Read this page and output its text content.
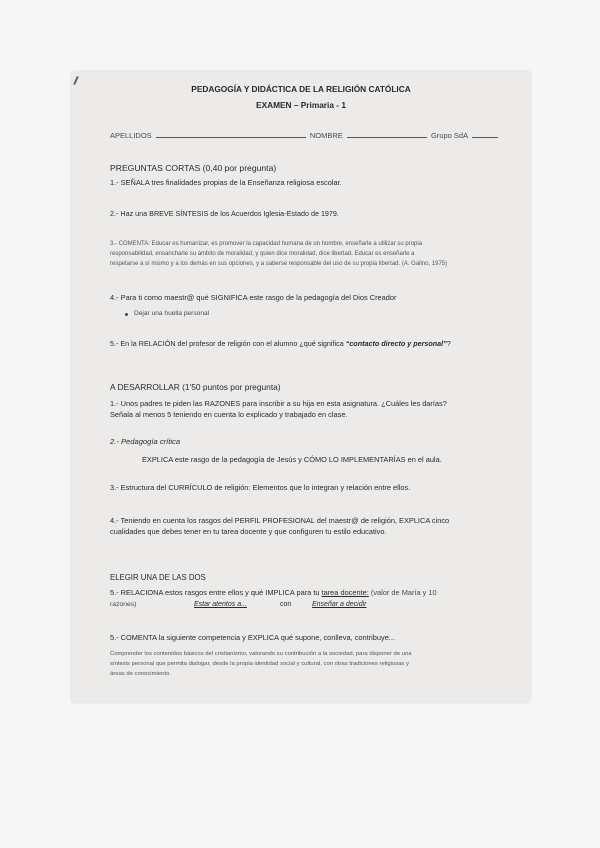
PEDAGOGÍA Y DIDÁCTICA DE LA RELIGIÓN CATÓLICA
EXAMEN – Primaria - 1
APELLIDOS	NOMBRE	Grupo SdA
PREGUNTAS CORTAS (0,40 por pregunta)
1.- SEÑALA tres finalidades propias de la Enseñanza religiosa escolar.
2.- Haz una BREVE SÍNTESIS de los Acuerdos Iglesia-Estado de 1979.
3.- COMENTA: Educar es humanizar, es promover la capacidad humana de un hombre, enseñarle a utilizar su propia
responsabilidad, ensancharle su ámbito de moralidad, y quien dice moralidad, dice libertad. Educar es enseñarle a
respetarse a sí mismo y a los demás en sus opciones, y a saberse responsable del uso de su propia libertad. (A. Galino, 1975)
4.- Para ti como maestr@ qué SIGNIFICA este rasgo de la pedagogía del Dios Creador
Dejar una huella personal
5.- En la RELACIÓN del profesor de religión con el alumno ¿qué significa “contacto directo y personal”?
A DESARROLLAR (1'50 puntos por pregunta)
1.- Unos padres te piden las RAZONES para inscribir a su hija en esta asignatura. ¿Cuáles les darías?
Señala al menos 5 teniendo en cuenta lo explicado y trabajado en clase.
2.- Pedagogía crítica
EXPLICA este rasgo de la pedagogía de Jesús y CÓMO LO IMPLEMENTARÍAS en el aula.
3.- Estructura del CURRÍCULO de religión: Elementos que lo integran y relación entre ellos.
4.- Teniendo en cuenta los rasgos del PERFIL PROFESIONAL del maestr@ de religión, EXPLICA cinco
cualidades que debes tener en tu tarea docente y que configuren tu estilo educativo.
ELEGIR UNA DE LAS DOS
5.- RELACIONA estos rasgos entre ellos y qué IMPLICA para tu tarea docente: (valor de María y 10
razones)	Estar atentos a...	con	Enseñar a decidir
5.- COMENTA la siguiente competencia y EXPLICA qué supone, conlleva, contribuye...
Comprender los contenidos básicos del cristianismo, valorando su contribución a la sociedad, para disponer de una
síntesis personal que permita dialogar, desde la propia identidad social y cultural, con otras tradiciones religiosas y
áreas de conocimiento.
